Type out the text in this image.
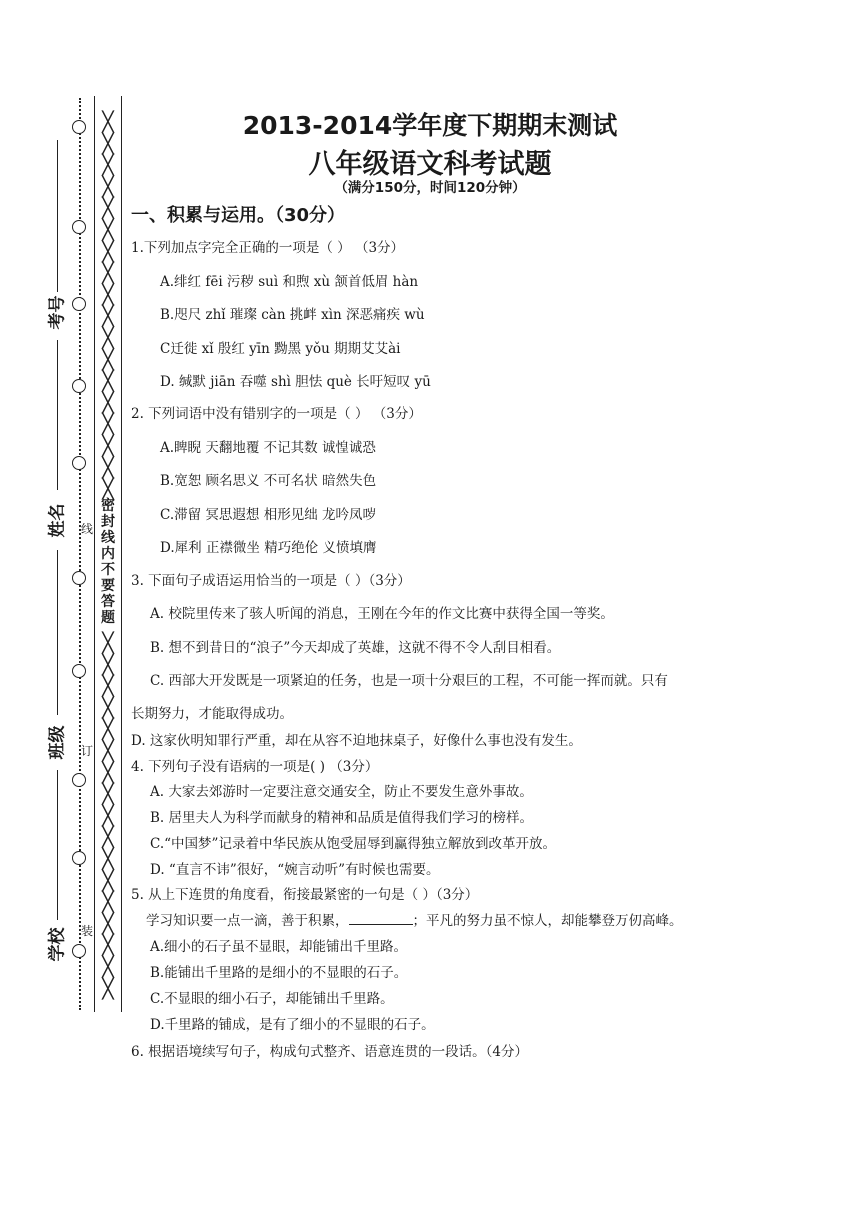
╳
╳
╳
╳
╳
╳
╳
╳
╳
╳
╳
╳
╳
╳
╳
╳
╳
╳
密封线内不要答题
╳
╳
╳
╳
╳
╳
╳
╳
╳
╳
╳
╳
╳
╳
╳
╳
╳
考号
姓名
班级
学校
线
订
装
2013-2014学年度下期期末测试
八年级语文科考试题
（满分150分，时间120分钟）
一、积累与运用。（30分）
1.下列加点字完全正确的一项是（ ） （3分）
A.绯红 fēi 污秽 suì 和煦 xù 颔首低眉 hàn
B.咫尺 zhǐ 璀璨 càn 挑衅 xìn 深恶痛疾 wù
C迁徙 xǐ 殷红 yīn 黝黑 yǒu 期期艾艾ài
D. 缄默 jiān 吞噬 shì 胆怯 què 长吁短叹 yū
2. 下列词语中没有错别字的一项是（ ） （3分）
A.睥睨 天翻地覆 不记其数 诚惶诚恐
B.宽恕 顾名思义 不可名状 暗然失色
C.滞留 冥思遐想 相形见绌 龙吟凤哕
D.犀利 正襟微坐 精巧绝伦 义愤填膺
3. 下面句子成语运用恰当的一项是（ ）（3分）
A. 校院里传来了骇人听闻的消息，王刚在今年的作文比赛中获得全国一等奖。
B. 想不到昔日的“浪子”今天却成了英雄，这就不得不令人刮目相看。
C. 西部大开发既是一项紧迫的任务，也是一项十分艰巨的工程，不可能一挥而就。只有
长期努力，才能取得成功。
D. 这家伙明知罪行严重，却在从容不迫地抹桌子，好像什么事也没有发生。
4. 下列句子没有语病的一项是( ) （3分）
A. 大家去郊游时一定要注意交通安全，防止不要发生意外事故。
B. 居里夫人为科学而献身的精神和品质是值得我们学习的榜样。
C.“中国梦”记录着中华民族从饱受屈辱到赢得独立解放到改革开放。
D. “直言不讳”很好，“婉言动听”有时候也需要。
5. 从上下连贯的角度看，衔接最紧密的一句是（ ）（3分）
学习知识要一点一滴，善于积累，	；平凡的努力虽不惊人，却能攀登万仞高峰。
A.细小的石子虽不显眼，却能铺出千里路。
B.能铺出千里路的是细小的不显眼的石子。
C.不显眼的细小石子，却能铺出千里路。
D.千里路的铺成，是有了细小的不显眼的石子。
6. 根据语境续写句子，构成句式整齐、语意连贯的一段话。（4分）
